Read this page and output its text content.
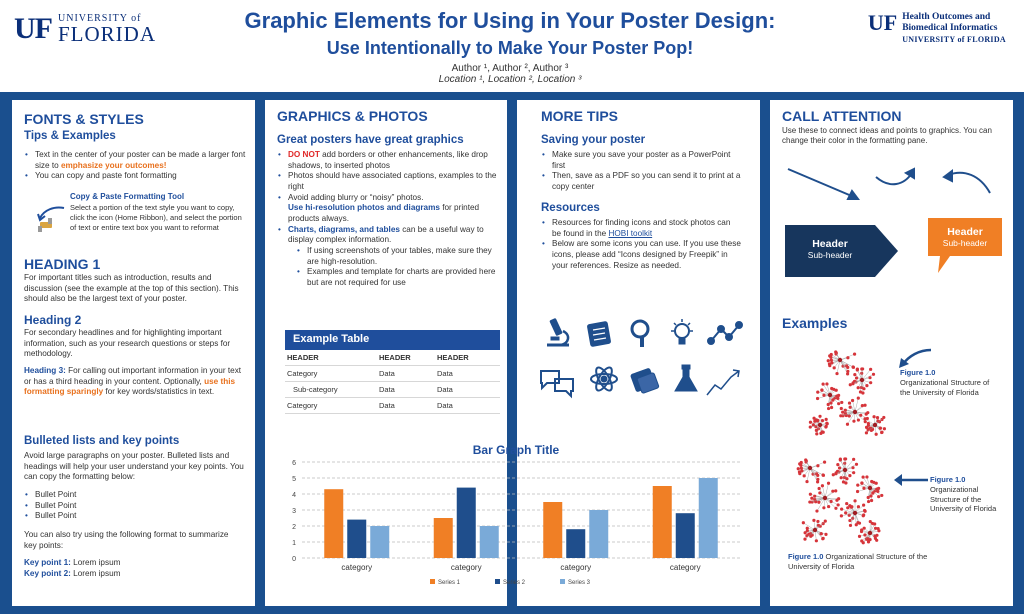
UF UNIVERSITY of
FLORIDA
Graphic Elements for Using in Your Poster Design:
Use Intentionally to Make Your Poster Pop!
Author ¹, Author ², Author ³
Location ¹, Location ², Location ³
UF Health Outcomes and
Biomedical Informatics
UNIVERSITY of FLORIDA
FONTS & STYLES
Tips & Examples
• Text in the center of your poster can be made a larger font size to emphasize your outcomes!
• You can copy and paste font formatting
Copy & Paste Formatting Tool
Select a portion of the text style you want to copy, click the icon (Home Ribbon), and select the portion of text or entire text box you want to reformat
HEADING 1
For important titles such as introduction, results and discussion (see the example at the top of this section). This should also be the largest text of your poster.
Heading 2
For secondary headlines and for highlighting important information, such as your research questions or steps for methodology.
Heading 3: For calling out important information in your text or has a third heading in your content. Optionally, use this formatting sparingly for key words/statistics in text.
Bulleted lists and key points
Avoid large paragraphs on your poster. Bulleted lists and headings will help your user understand your key points. You can copy the formatting below:
• Bullet Point
• Bullet Point
• Bullet Point
You can also try using the following format to summarize key points:
Key point 1: Lorem ipsum
Key point 2: Lorem ipsum
GRAPHICS & PHOTOS
Great posters have great graphics
• DO NOT add borders or other enhancements, like drop shadows, to inserted photos
• Photos should have associated captions, examples to the right
• Avoid adding blurry or “noisy” photos.
Use hi-resolution photos and diagrams for printed products always.
• Charts, diagrams, and tables can be a useful way to display complex information.
• If using screenshots of your tables, make sure they are high-resolution.
• Examples and template for charts are provided here but are not required for use
Example Table
HEADER	HEADER	HEADER
Category	Data	Data
Sub-category	Data	Data
Category	Data	Data
MORE TIPS
Saving your poster
• Make sure you save your poster as a PowerPoint first
• Then, save as a PDF so you can send it to print at a copy center
Resources
• Resources for finding icons and stock photos can be found in the HOBI toolkit
• Below are some icons you can use. If you use these icons, please add “Icons designed by Freepik” in your references. Resize as needed.
Bar Graph Title
0
1
2
3
4
5
6
category	category	category	category
Series 1	Series 2	Series 3
CALL ATTENTION
Use these to connect ideas and points to graphics. You can change their color in the formatting pane.
Examples
Header
Sub-header
Header
Sub-header
Figure 1.0
Organizational Structure of the University of Florida
Figure 1.0
Organizational Structure of the University of Florida
Figure 1.0 Organizational Structure of the University of Florida
